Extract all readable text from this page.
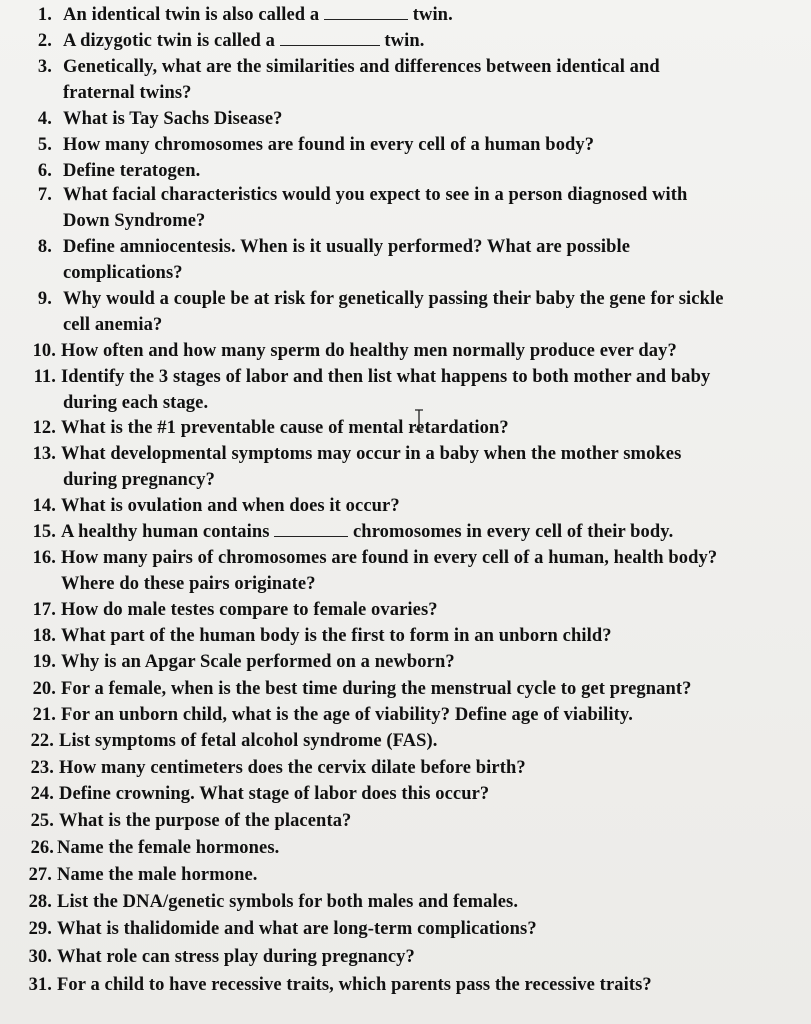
1. An identical twin is also called a	twin.
2. A dizygotic twin is called a	twin.
3. Genetically, what are the similarities and differences between identical and
fraternal twins?
4. What is Tay Sachs Disease?
5. How many chromosomes are found in every cell of a human body?
6. Define teratogen.
7. What facial characteristics would you expect to see in a person diagnosed with
Down Syndrome?
8. Define amniocentesis. When is it usually performed? What are possible
complications?
9. Why would a couple be at risk for genetically passing their baby the gene for sickle
cell anemia?
10. How often and how many sperm do healthy men normally produce ever day?
11. Identify the 3 stages of labor and then list what happens to both mother and baby
during each stage.
12. What is the #1 preventable cause of mental retardation?
13. What developmental symptoms may occur in a baby when the mother smokes
during pregnancy?
14. What is ovulation and when does it occur?
15. A healthy human contains	chromosomes in every cell of their body.
16. How many pairs of chromosomes are found in every cell of a human, health body?
Where do these pairs originate?
17. How do male testes compare to female ovaries?
18. What part of the human body is the first to form in an unborn child?
19. Why is an Apgar Scale performed on a newborn?
20. For a female, when is the best time during the menstrual cycle to get pregnant?
21. For an unborn child, what is the age of viability? Define age of viability.
22. List symptoms of fetal alcohol syndrome (FAS).
23. How many centimeters does the cervix dilate before birth?
24. Define crowning. What stage of labor does this occur?
25. What is the purpose of the placenta?
26. Name the female hormones.
27. Name the male hormone.
28. List the DNA/genetic symbols for both males and females.
29. What is thalidomide and what are long-term complications?
30. What role can stress play during pregnancy?
31. For a child to have recessive traits, which parents pass the recessive traits?
